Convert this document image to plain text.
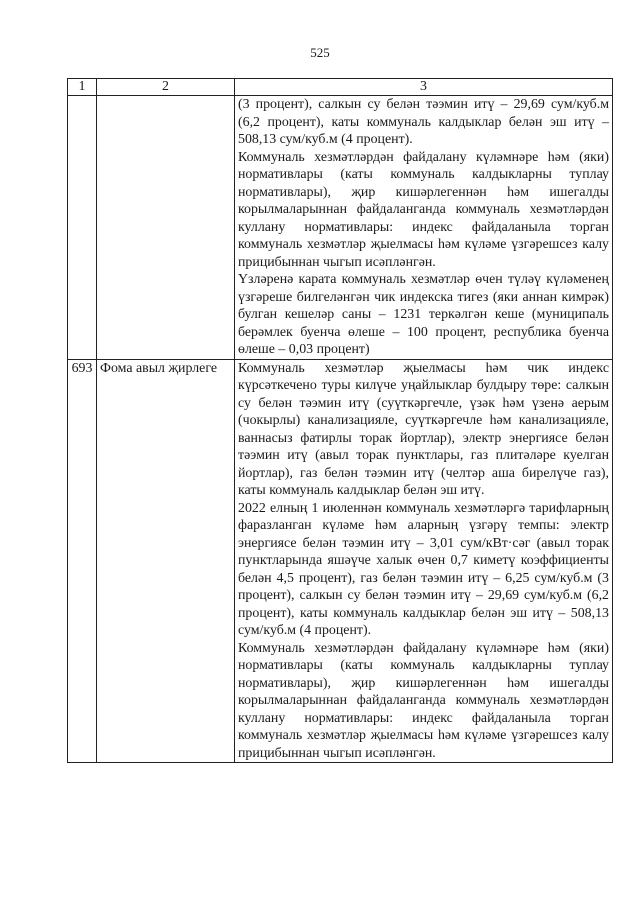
525
1	2	3

		(3 процент), салкын су белән тәэмин итү – 29,69 сум/куб.м (6,2 процент), каты коммуналь калдыклар белән эш итү – 508,13 сум/куб.м (4 процент).

Коммуналь хезмәтләрдән файдалану күләмнәре һәм (яки) нормативлары (каты коммуналь калдыкларны туплау нормативлары), җир кишәрлегеннән һәм ишегалды корылмаларыннан файдаланганда коммуналь хезмәтләрдән куллану нормативлары: индекс файдаланыла торган коммуналь хезмәтләр җыелмасы һәм күләме үзгәрешсез калу прицибыннан чыгып исәпләнгән.

Үзләренә карата коммуналь хезмәтләр өчен түләү күләменең үзгәреше билгеләнгән чик индекска тигез (яки аннан кимрәк) булган кешеләр саны – 1231 теркәлгән кеше (муниципаль берәмлек буенча өлеше – 100 процент, республика буенча өлеше – 0,03 процент)

693	Фома авыл җирлеге	Коммуналь хезмәтләр җыелмасы һәм чик индекс күрсәткечено туры килүче уңайлыклар булдыру төре: салкын су белән тәэмин итү (суүткәргечле, үзәк һәм үзенә аерым (чокырлы) канализацияле, суүткәргечле һәм канализацияле, ваннасыз фатирлы торак йортлар), электр энергиясе белән тәэмин итү (авыл торак пунктлары, газ плитәләре куелган йортлар), газ белән тәэмин итү (челтәр аша бирелүче газ), каты коммуналь калдыклар белән эш итү.

2022 елның 1 июленнән коммуналь хезмәтләргә тарифларның фаразланган күләме һәм аларның үзгәрү темпы: электр энергиясе белән тәэмин итү – 3,01 сум/кВт·сәг (авыл торак пунктларында яшәүче халык өчен 0,7 киметү коэффициенты белән 4,5 процент), газ белән тәэмин итү – 6,25 сум/куб.м (3 процент), салкын су белән тәэмин итү – 29,69 сум/куб.м (6,2 процент), каты коммуналь калдыклар белән эш итү – 508,13 сум/куб.м (4 процент).

Коммуналь хезмәтләрдән файдалану күләмнәре һәм (яки) нормативлары (каты коммуналь калдыкларны туплау нормативлары), җир кишәрлегеннән һәм ишегалды корылмаларыннан файдаланганда коммуналь хезмәтләрдән куллану нормативлары: индекс файдаланыла торган коммуналь хезмәтләр җыелмасы һәм күләме үзгәрешсез калу прицибыннан чыгып исәпләнгән.
